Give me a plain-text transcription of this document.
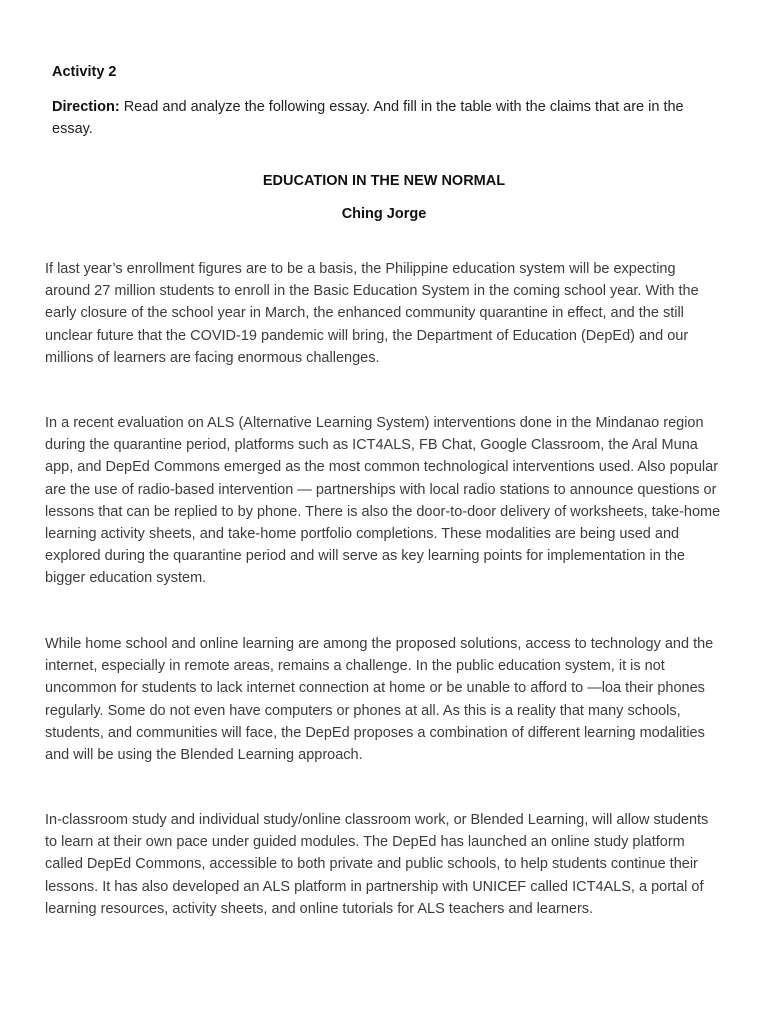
Activity 2

Direction: Read and analyze the following essay. And fill in the table with the claims that are in the essay.

EDUCATION IN THE NEW NORMAL

Ching Jorge

If last year’s enrollment figures are to be a basis, the Philippine education system will be expecting around 27 million students to enroll in the Basic Education System in the coming school year. With the early closure of the school year in March, the enhanced community quarantine in effect, and the still unclear future that the COVID-19 pandemic will bring, the Department of Education (DepEd) and our millions of learners are facing enormous challenges.

In a recent evaluation on ALS (Alternative Learning System) interventions done in the Mindanao region during the quarantine period, platforms such as ICT4ALS, FB Chat, Google Classroom, the Aral Muna app, and DepEd Commons emerged as the most common technological interventions used. Also popular are the use of radio-based intervention — partnerships with local radio stations to announce questions or lessons that can be replied to by phone. There is also the door-to-door delivery of worksheets, take-home learning activity sheets, and take-home portfolio completions. These modalities are being used and explored during the quarantine period and will serve as key learning points for implementation in the bigger education system.

While home school and online learning are among the proposed solutions, access to technology and the internet, especially in remote areas, remains a challenge. In the public education system, it is not uncommon for students to lack internet connection at home or be unable to afford to —loa their phones regularly. Some do not even have computers or phones at all. As this is a reality that many schools, students, and communities will face, the DepEd proposes a combination of different learning modalities and will be using the Blended Learning approach.

In-classroom study and individual study/online classroom work, or Blended Learning, will allow students to learn at their own pace under guided modules. The DepEd has launched an online study platform called DepEd Commons, accessible to both private and public schools, to help students continue their lessons. It has also developed an ALS platform in partnership with UNICEF called ICT4ALS, a portal of learning resources, activity sheets, and online tutorials for ALS teachers and learners.
